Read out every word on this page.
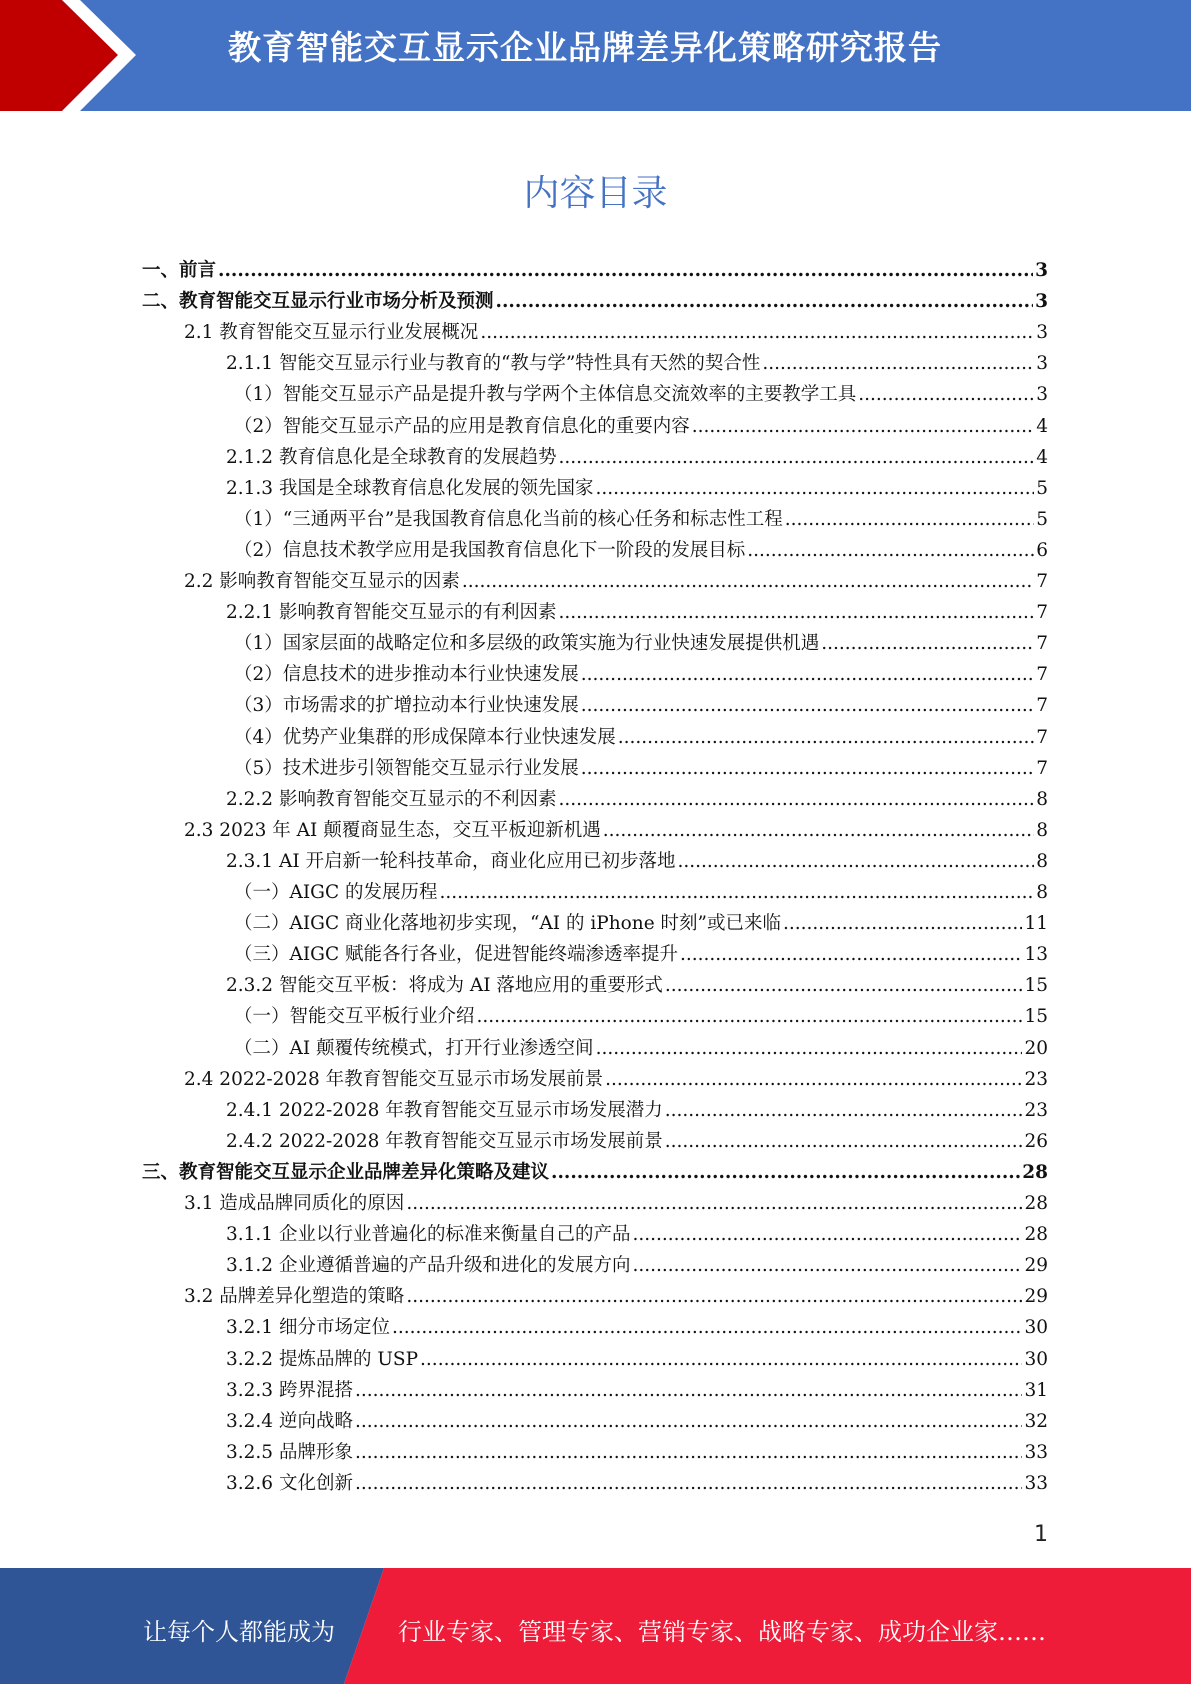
教育智能交互显示企业品牌差异化策略研究报告
内容目录
一、前言 .....	3
二、教育智能交互显示行业市场分析及预测 .....	3
2.1 教育智能交互显示行业发展概况 .....	3
2.1.1 智能交互显示行业与教育的“教与学”特性具有天然的契合性 .....	3
（1）智能交互显示产品是提升教与学两个主体信息交流效率的主要教学工具 .....	3
（2）智能交互显示产品的应用是教育信息化的重要内容 .....	4
2.1.2 教育信息化是全球教育的发展趋势 .....	4
2.1.3 我国是全球教育信息化发展的领先国家 .....	5
（1）“三通两平台”是我国教育信息化当前的核心任务和标志性工程 .....	5
（2）信息技术教学应用是我国教育信息化下一阶段的发展目标 .....	6
2.2 影响教育智能交互显示的因素 .....	7
2.2.1 影响教育智能交互显示的有利因素 .....	7
（1）国家层面的战略定位和多层级的政策实施为行业快速发展提供机遇 .....	7
（2）信息技术的进步推动本行业快速发展 .....	7
（3）市场需求的扩增拉动本行业快速发展 .....	7
（4）优势产业集群的形成保障本行业快速发展 .....	7
（5）技术进步引领智能交互显示行业发展 .....	7
2.2.2 影响教育智能交互显示的不利因素 .....	8
2.3 2023 年 AI 颠覆商显生态，交互平板迎新机遇 .....	8
2.3.1 AI 开启新一轮科技革命，商业化应用已初步落地 .....	8
（一）AIGC 的发展历程 .....	8
（二）AIGC 商业化落地初步实现，“AI 的 iPhone 时刻”或已来临 .....	11
（三）AIGC 赋能各行各业，促进智能终端渗透率提升 .....	13
2.3.2 智能交互平板：将成为 AI 落地应用的重要形式 .....	15
（一）智能交互平板行业介绍 .....	15
（二）AI 颠覆传统模式，打开行业渗透空间 .....	20
2.4 2022-2028 年教育智能交互显示市场发展前景 .....	23
2.4.1 2022-2028 年教育智能交互显示市场发展潜力 .....	23
2.4.2 2022-2028 年教育智能交互显示市场发展前景 .....	26
三、教育智能交互显示企业品牌差异化策略及建议 .....	28
3.1 造成品牌同质化的原因 .....	28
3.1.1 企业以行业普遍化的标准来衡量自己的产品 .....	28
3.1.2 企业遵循普遍的产品升级和进化的发展方向 .....	29
3.2 品牌差异化塑造的策略 .....	29
3.2.1 细分市场定位 .....	30
3.2.2 提炼品牌的 USP .....	30
3.2.3 跨界混搭 .....	31
3.2.4 逆向战略 .....	32
3.2.5 品牌形象 .....	33
3.2.6 文化创新 .....	33
1
让每个人都能成为	行业专家、管理专家、营销专家、战略专家、成功企业家……
